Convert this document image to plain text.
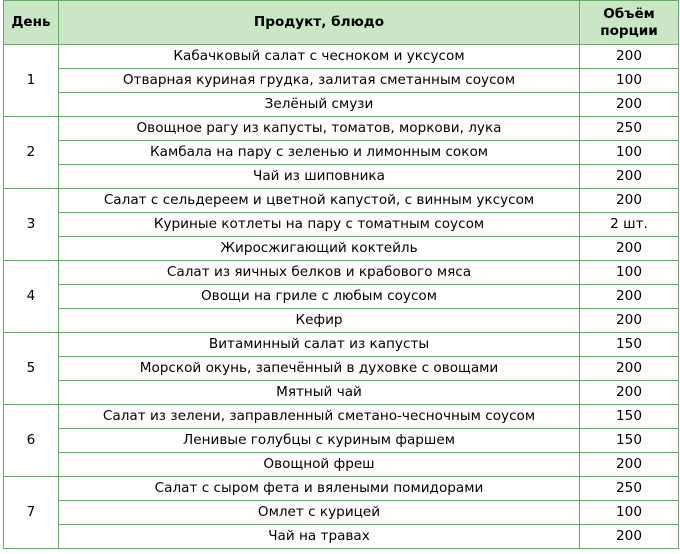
День	Продукт, блюдо	Объём порции
1	Кабачковый салат с чесноком и уксусом	200
	Отварная куриная грудка, залитая сметанным соусом	100
	Зелёный смузи	200
2	Овощное рагу из капусты, томатов, моркови, лука	250
	Камбала на пару с зеленью и лимонным соком	100
	Чай из шиповника	200
3	Салат с сельдереем и цветной капустой, с винным уксусом	200
	Куриные котлеты на пару с томатным соусом	2 шт.
	Жиросжигающий коктейль	200
4	Салат из яичных белков и крабового мяса	100
	Овощи на гриле с любым соусом	200
	Кефир	200
5	Витаминный салат из капусты	150
	Морской окунь, запечённый в духовке с овощами	200
	Мятный чай	200
6	Салат из зелени, заправленный сметано-чесночным соусом	150
	Ленивые голубцы с куриным фаршем	150
	Овощной фреш	200
7	Салат с сыром фета и вялеными помидорами	250
	Омлет с курицей	100
	Чай на травах	200
